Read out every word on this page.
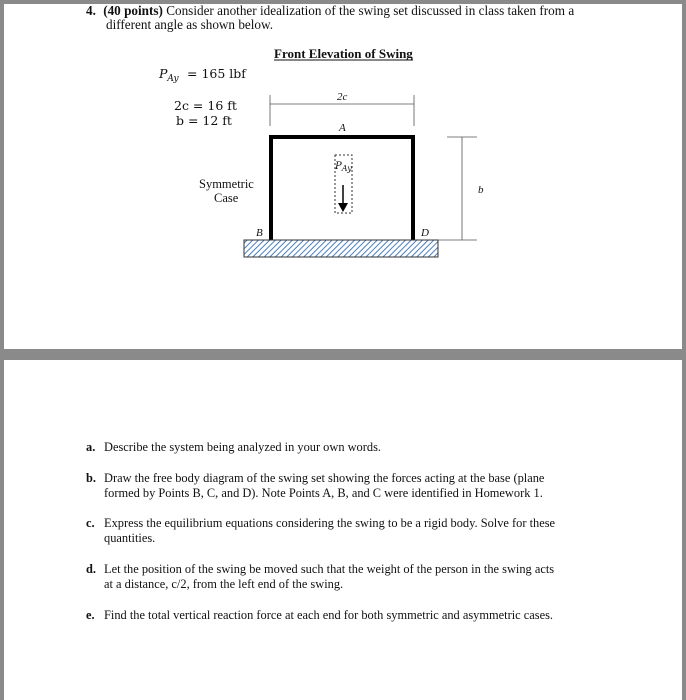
4. (40 points) Consider another idealization of the swing set discussed in class taken from a
different angle as shown below.
Front Elevation of Swing
$P_{Ay} = 165$ lbf
2c = 16 ft
b = 12 ft
Symmetric
Case
2c
A
$P_{Ay}$
b
B	D
a. Describe the system being analyzed in your own words.
b. Draw the free body diagram of the swing set showing the forces acting at the base (plane
formed by Points B, C, and D). Note Points A, B, and C were identified in Homework 1.
c. Express the equilibrium equations considering the swing to be a rigid body. Solve for these
quantities.
d. Let the position of the swing be moved such that the weight of the person in the swing acts
at a distance, c/2, from the left end of the swing.
e. Find the total vertical reaction force at each end for both symmetric and asymmetric cases.
